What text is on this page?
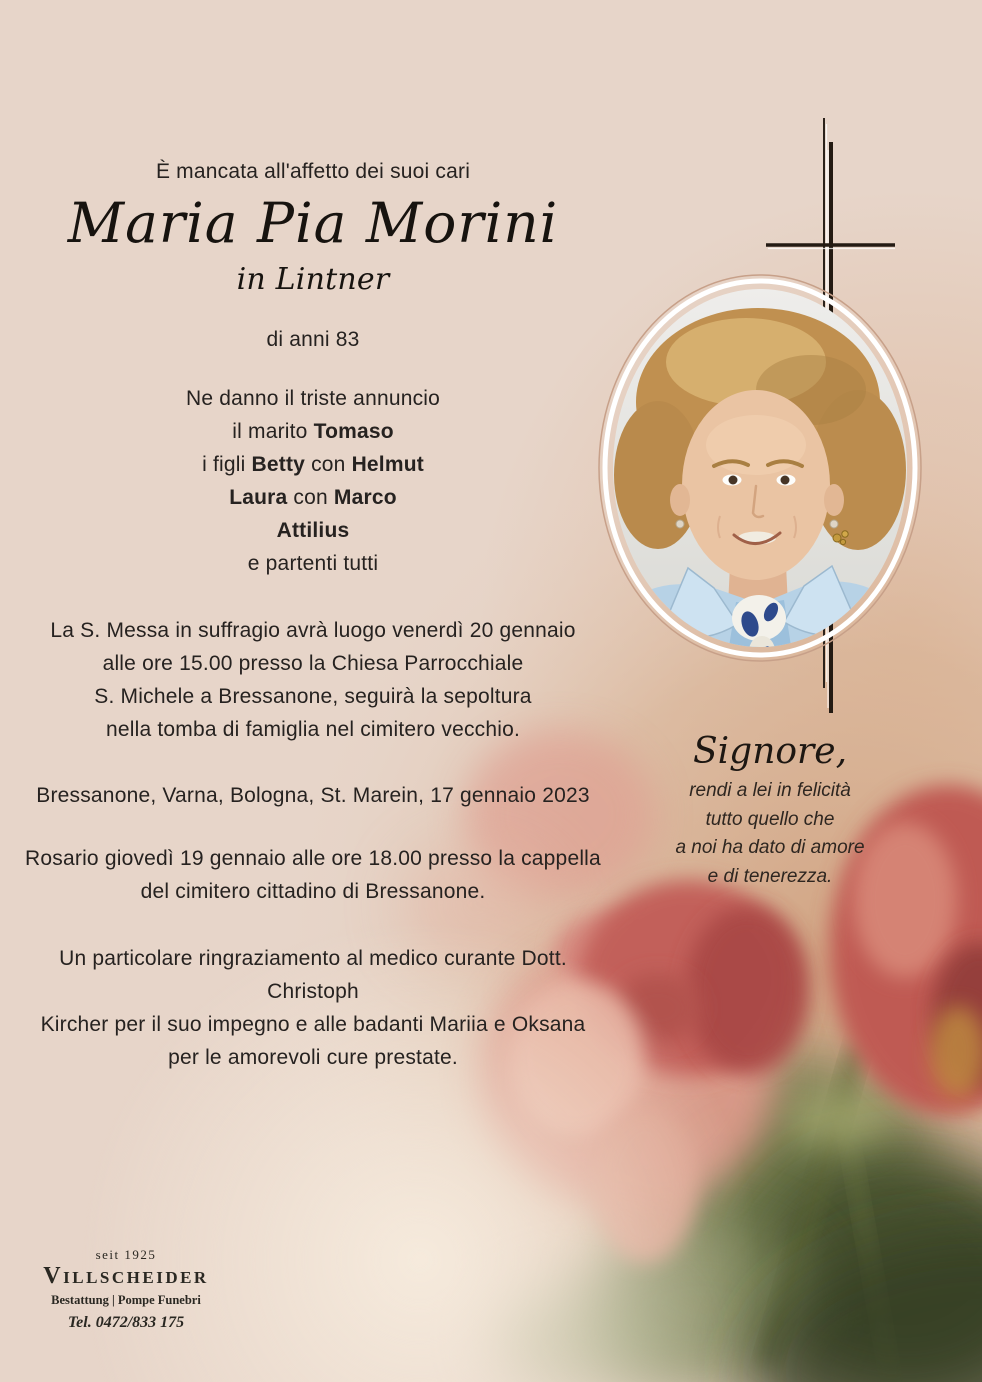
È mancata all'affetto dei suoi cari
Maria Pia Morini
in Lintner
di anni 83
Ne danno il triste annuncio
il marito Tomaso
i figli Betty con Helmut
Laura con Marco
Attilius
e partenti tutti
La S. Messa in suffragio avrà luogo venerdì 20 gennaio
alle ore 15.00 presso la Chiesa Parrocchiale
S. Michele a Bressanone, seguirà la sepoltura
nella tomba di famiglia nel cimitero vecchio.
Bressanone, Varna, Bologna, St. Marein, 17 gennaio 2023
Rosario giovedì 19 gennaio alle ore 18.00 presso la cappella
del cimitero cittadino di Bressanone.
Un particolare ringraziamento al medico curante Dott. Christoph
Kircher per il suo impegno e alle badanti Mariia e Oksana
per le amorevoli cure prestate.
Signore,
rendi a lei in felicità
tutto quello che
a noi ha dato di amore
e di tenerezza.
seit 1925
Villscheider
Bestattung | Pompe Funebri
Tel. 0472/833 175
